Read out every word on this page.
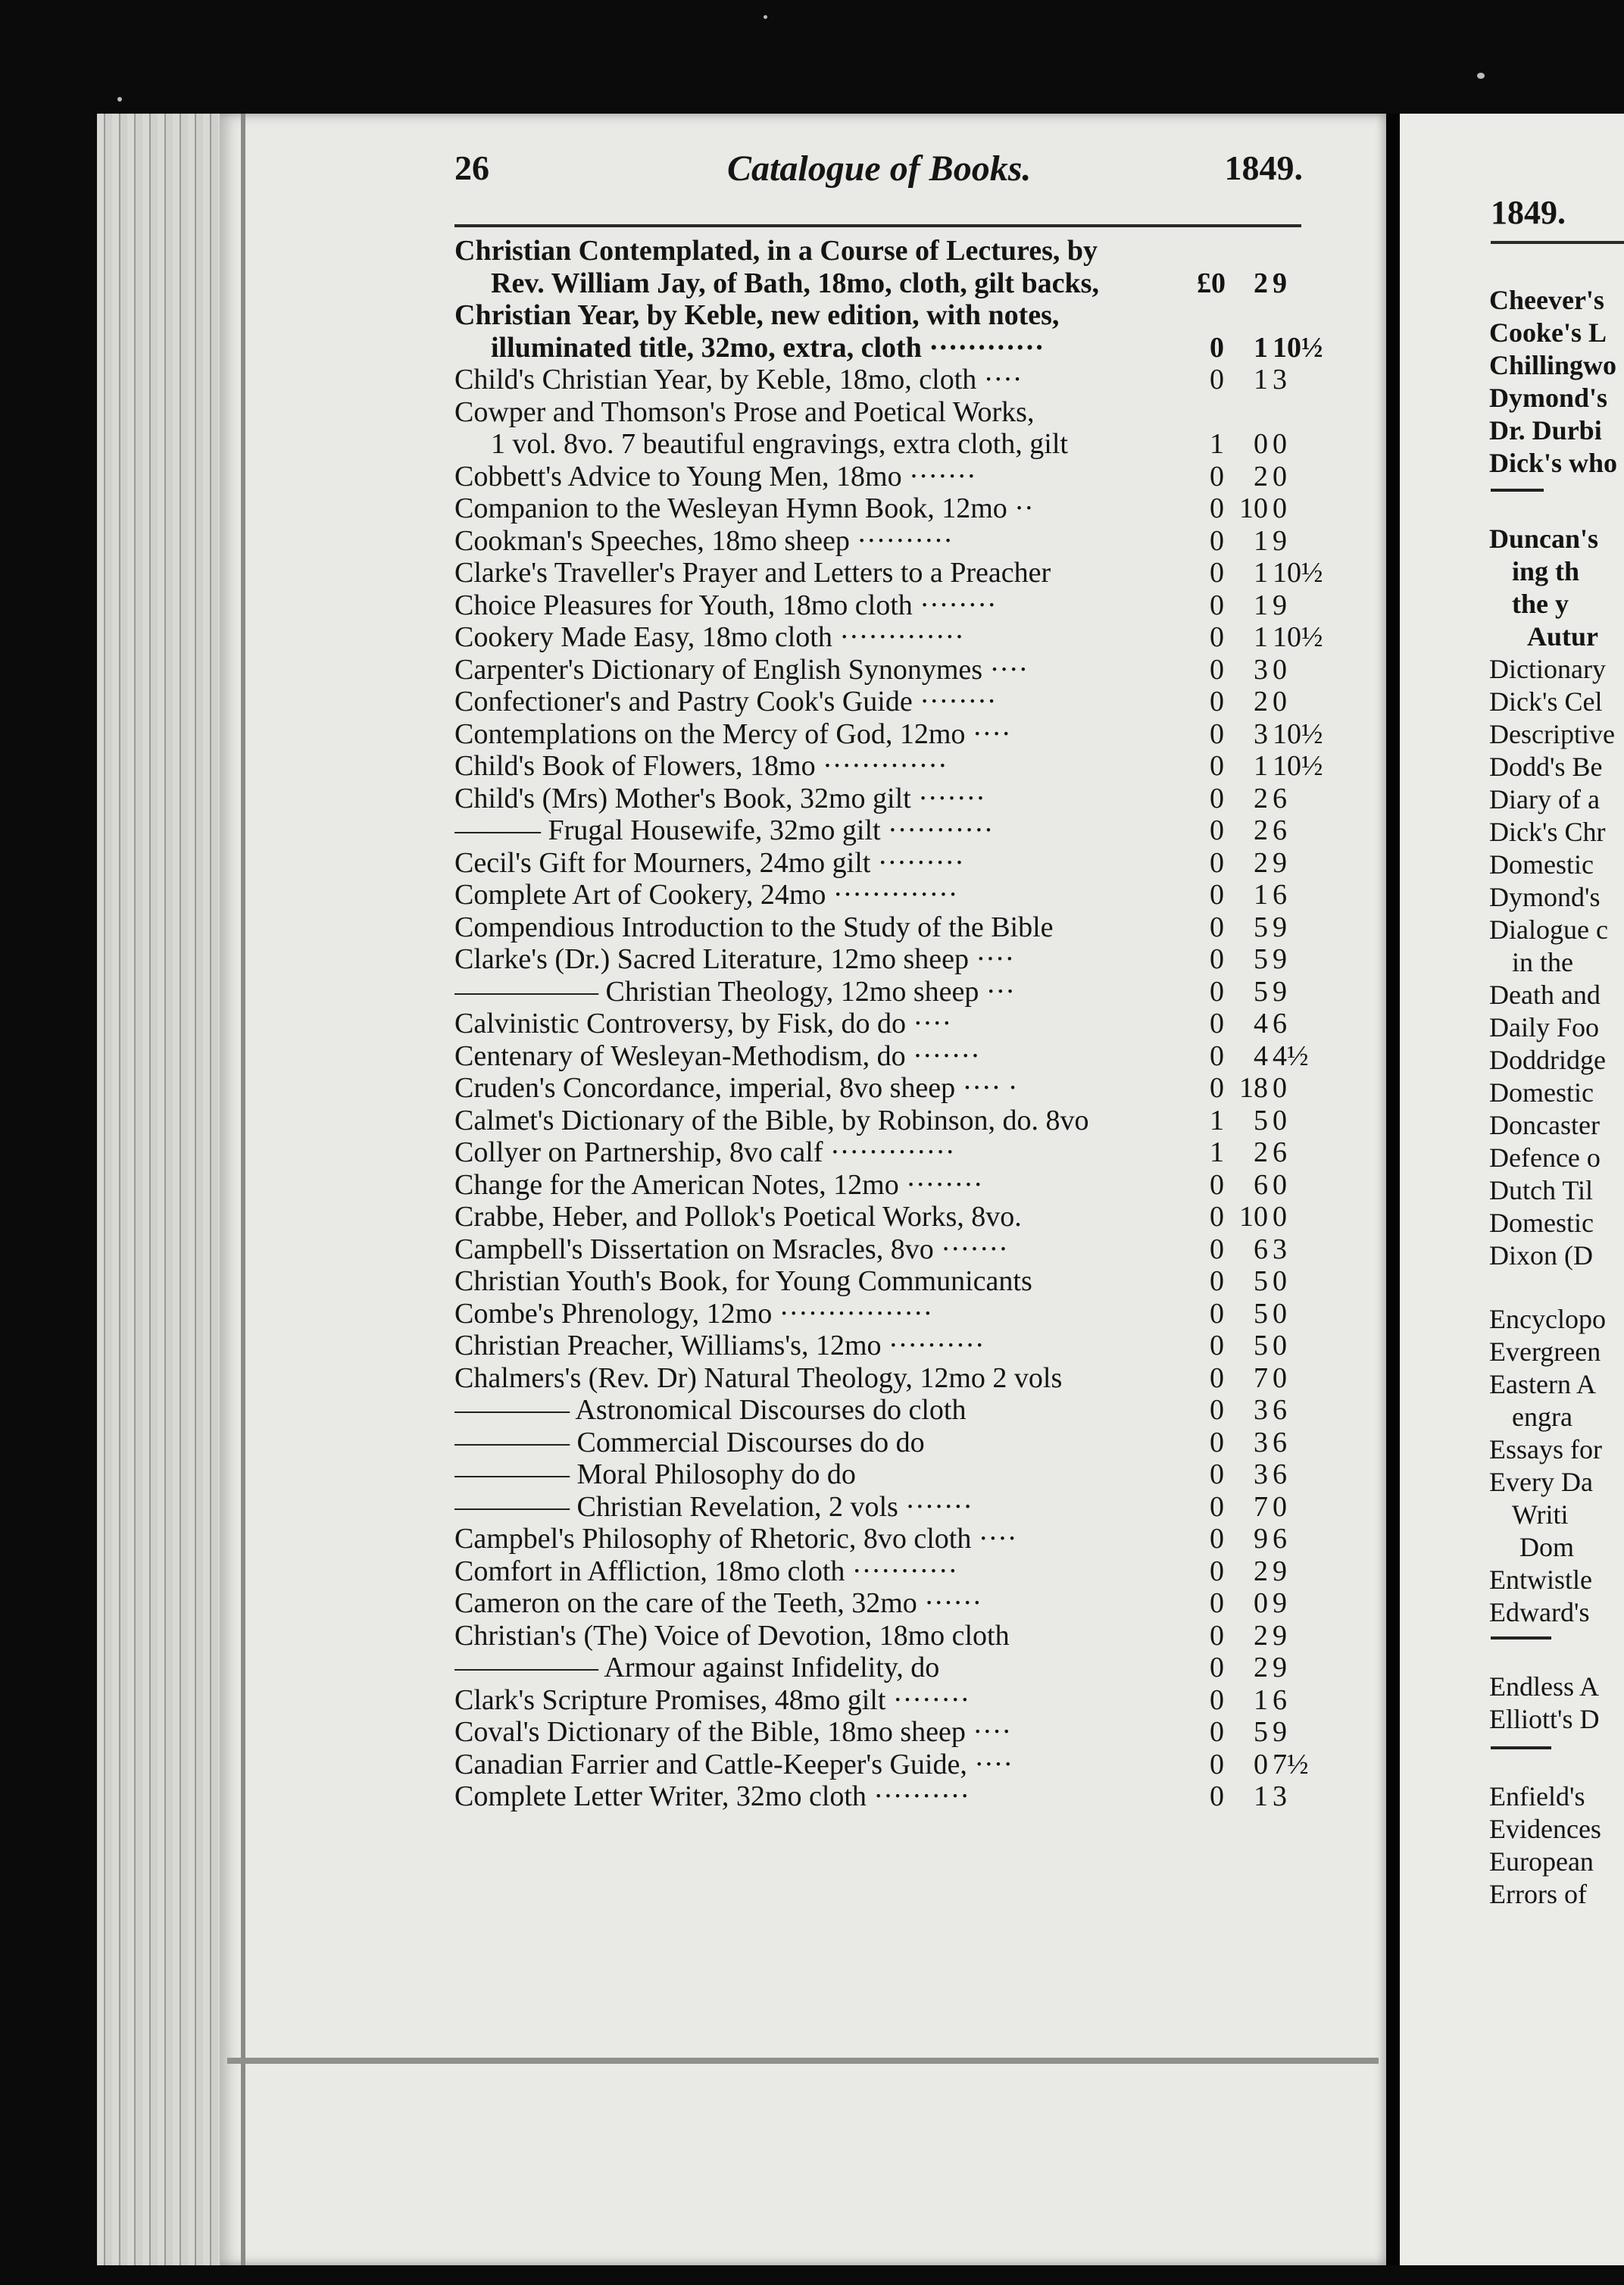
26	Catalogue of Books.	1849.
Christian Contemplated, in a Course of Lectures, by
Rev. William Jay, of Bath, 18mo, cloth, gilt backs,	£0 2 9
Christian Year, by Keble, new edition, with notes,
illuminated title, 32mo, extra, cloth ············	0	1 10½
Child's Christian Year, by Keble, 18mo, cloth ····	0	1 3
Cowper and Thomson's Prose and Poetical Works,
1 vol. 8vo. 7 beautiful engravings, extra cloth, gilt	1	0 0
Cobbett's Advice to Young Men, 18mo ·······	0	2 0
Companion to the Wesleyan Hymn Book, 12mo ··	0 10 0
Cookman's Speeches, 18mo sheep ··········	0	1 9
Clarke's Traveller's Prayer and Letters to a Preacher	0	1 10½
Choice Pleasures for Youth, 18mo cloth ········	0	1 9
Cookery Made Easy, 18mo cloth ·············	0	1 10½
Carpenter's Dictionary of English Synonymes ····	0	3 0
Confectioner's and Pastry Cook's Guide ········	0	2 0
Contemplations on the Mercy of God, 12mo ····	0	3 10½
Child's Book of Flowers, 18mo ·············	0	1 10½
Child's (Mrs) Mother's Book, 32mo gilt ·······	0	2 6
——— Frugal Housewife, 32mo gilt ···········	0	2 6
Cecil's Gift for Mourners, 24mo gilt ·········	0	2 9
Complete Art of Cookery, 24mo ·············	0	1 6
Compendious Introduction to the Study of the Bible	0	5 9
Clarke's (Dr.) Sacred Literature, 12mo sheep ····	0	5 9
————— Christian Theology, 12mo sheep ···	0	5 9
Calvinistic Controversy, by Fisk, do do ····	0	4 6
Centenary of Wesleyan-Methodism, do ·······	0	4 4½
Cruden's Concordance, imperial, 8vo sheep ···· ·	0 18 0
Calmet's Dictionary of the Bible, by Robinson, do. 8vo	1	5 0
Collyer on Partnership, 8vo calf ·············	1	2 6
Change for the American Notes, 12mo ········	0	6 0
Crabbe, Heber, and Pollok's Poetical Works, 8vo.	0 10 0
Campbell's Dissertation on Msracles, 8vo ·······	0	6 3
Christian Youth's Book, for Young Communicants	0	5 0
Combe's Phrenology, 12mo ················	0	5 0
Christian Preacher, Williams's, 12mo ··········	0	5 0
Chalmers's (Rev. Dr) Natural Theology, 12mo 2 vols	0	7 0
———— Astronomical Discourses do cloth	0	3 6
———— Commercial Discourses do do	0	3 6
———— Moral Philosophy do do	0	3 6
———— Christian Revelation, 2 vols ·······	0	7 0
Campbel's Philosophy of Rhetoric, 8vo cloth ····	0	9 6
Comfort in Affliction, 18mo cloth ···········	0	2 9
Cameron on the care of the Teeth, 32mo ······	0	0 9
Christian's (The) Voice of Devotion, 18mo cloth	0	2 9
————— Armour against Infidelity, do	0	2 9
Clark's Scripture Promises, 48mo gilt ········	0	1 6
Coval's Dictionary of the Bible, 18mo sheep ····	0	5 9
Canadian Farrier and Cattle-Keeper's Guide, ····	0	0 7½
Complete Letter Writer, 32mo cloth ··········	0	1 3
1849.
Cheever's
Cooke's L
Chillingwo
Dymond's
Dr. Durbi
Dick's who
Duncan's
ing th
the y
Autur
Dictionary
Dick's Cel
Descriptive
Dodd's Be
Diary of a
Dick's Chr
Domestic
Dymond's
Dialogue c
in the
Death and
Daily Foo
Doddridge
Domestic
Doncaster
Defence o
Dutch Til
Domestic
Dixon (D
Encyclopo
Evergreen
Eastern A
engra
Essays for
Every Da
Writi
Dom
Entwistle
Edward's
Endless A
Elliott's D
Enfield's
Evidences
European
Errors of
